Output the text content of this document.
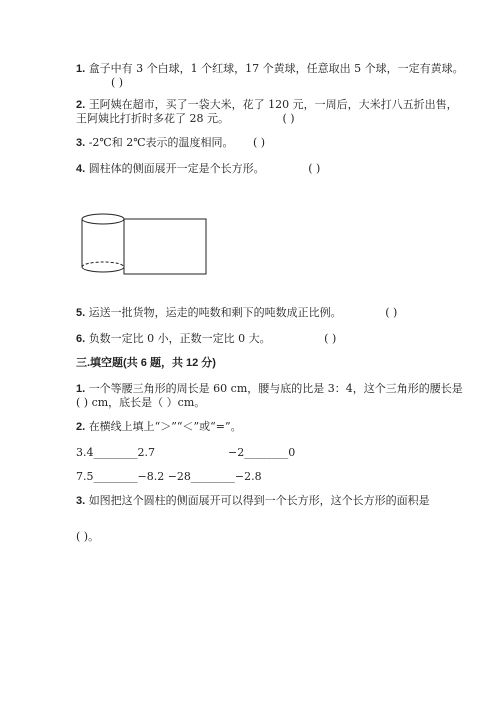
1. 盒子中有 3 个白球，1 个红球，17 个黄球，任意取出 5 个球，一定有黄球。
( )
2. 王阿姨在超市，买了一袋大米，花了 120 元，一周后，大米打八五折出售，
王阿姨比打折时多花了 28 元。	( )
3. -2℃和 2℃表示的温度相同。 ( )
4. 圆柱体的侧面展开一定是个长方形。	( )
5. 运送一批货物，运走的吨数和剩下的吨数成正比例。	( )
6. 负数一定比 0 小，正数一定比 0 大。	( )
三.填空题(共 6 题，共 12 分)
1. 一个等腰三角形的周长是 60 cm，腰与底的比是 3：4，这个三角形的腰长是
( ) cm，底长是（ ）cm。
2. 在横线上填上“＞”“＜”或“=”。
3.4________2.7	−2________0
7.5________−8.2 −28________−2.8
3. 如图把这个圆柱的侧面展开可以得到一个长方形，这个长方形的面积是
( )。
